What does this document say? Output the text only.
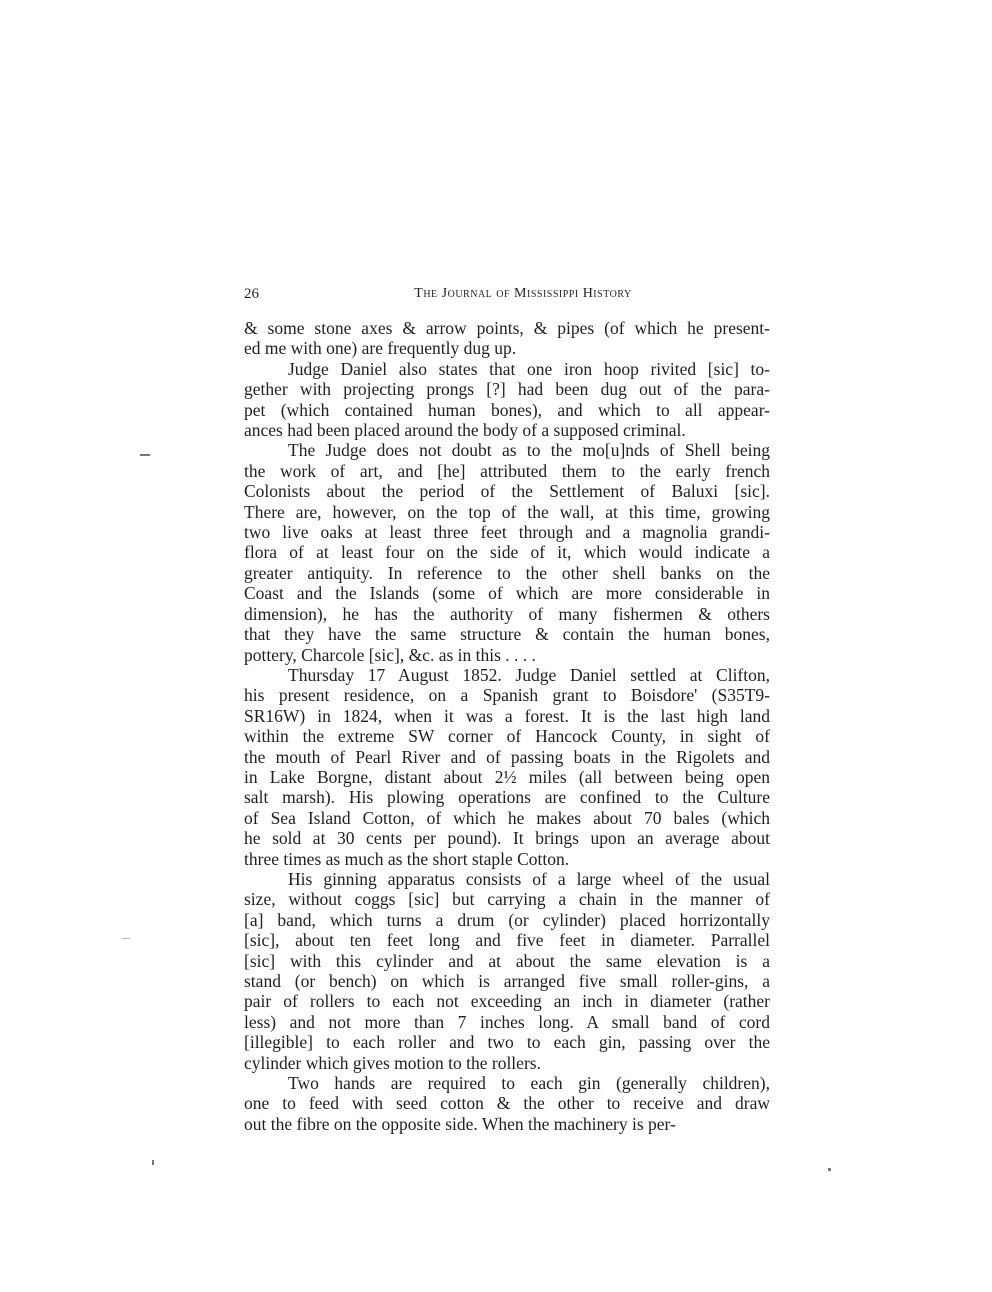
26	The Journal of Mississippi History
& some stone axes & arrow points, & pipes (of which he present-
ed me with one) are frequently dug up.
Judge Daniel also states that one iron hoop rivited [sic] to-
gether with projecting prongs [?] had been dug out of the para-
pet (which contained human bones), and which to all appear-
ances had been placed around the body of a supposed criminal.
The Judge does not doubt as to the mo[u]nds of Shell being
the work of art, and [he] attributed them to the early french
Colonists about the period of the Settlement of Baluxi [sic].
There are, however, on the top of the wall, at this time, growing
two live oaks at least three feet through and a magnolia grandi-
flora of at least four on the side of it, which would indicate a
greater antiquity. In reference to the other shell banks on the
Coast and the Islands (some of which are more considerable in
dimension), he has the authority of many fishermen & others
that they have the same structure & contain the human bones,
pottery, Charcole [sic], &c. as in this . . . .
Thursday 17 August 1852. Judge Daniel settled at Clifton,
his present residence, on a Spanish grant to Boisdore' (S35T9-
SR16W) in 1824, when it was a forest. It is the last high land
within the extreme SW corner of Hancock County, in sight of
the mouth of Pearl River and of passing boats in the Rigolets and
in Lake Borgne, distant about 2½ miles (all between being open
salt marsh). His plowing operations are confined to the Culture
of Sea Island Cotton, of which he makes about 70 bales (which
he sold at 30 cents per pound). It brings upon an average about
three times as much as the short staple Cotton.
His ginning apparatus consists of a large wheel of the usual
size, without coggs [sic] but carrying a chain in the manner of
[a] band, which turns a drum (or cylinder) placed horrizontally
[sic], about ten feet long and five feet in diameter. Parrallel
[sic] with this cylinder and at about the same elevation is a
stand (or bench) on which is arranged five small roller-gins, a
pair of rollers to each not exceeding an inch in diameter (rather
less) and not more than 7 inches long. A small band of cord
[illegible] to each roller and two to each gin, passing over the
cylinder which gives motion to the rollers.
Two hands are required to each gin (generally children),
one to feed with seed cotton & the other to receive and draw
out the fibre on the opposite side. When the machinery is per-
